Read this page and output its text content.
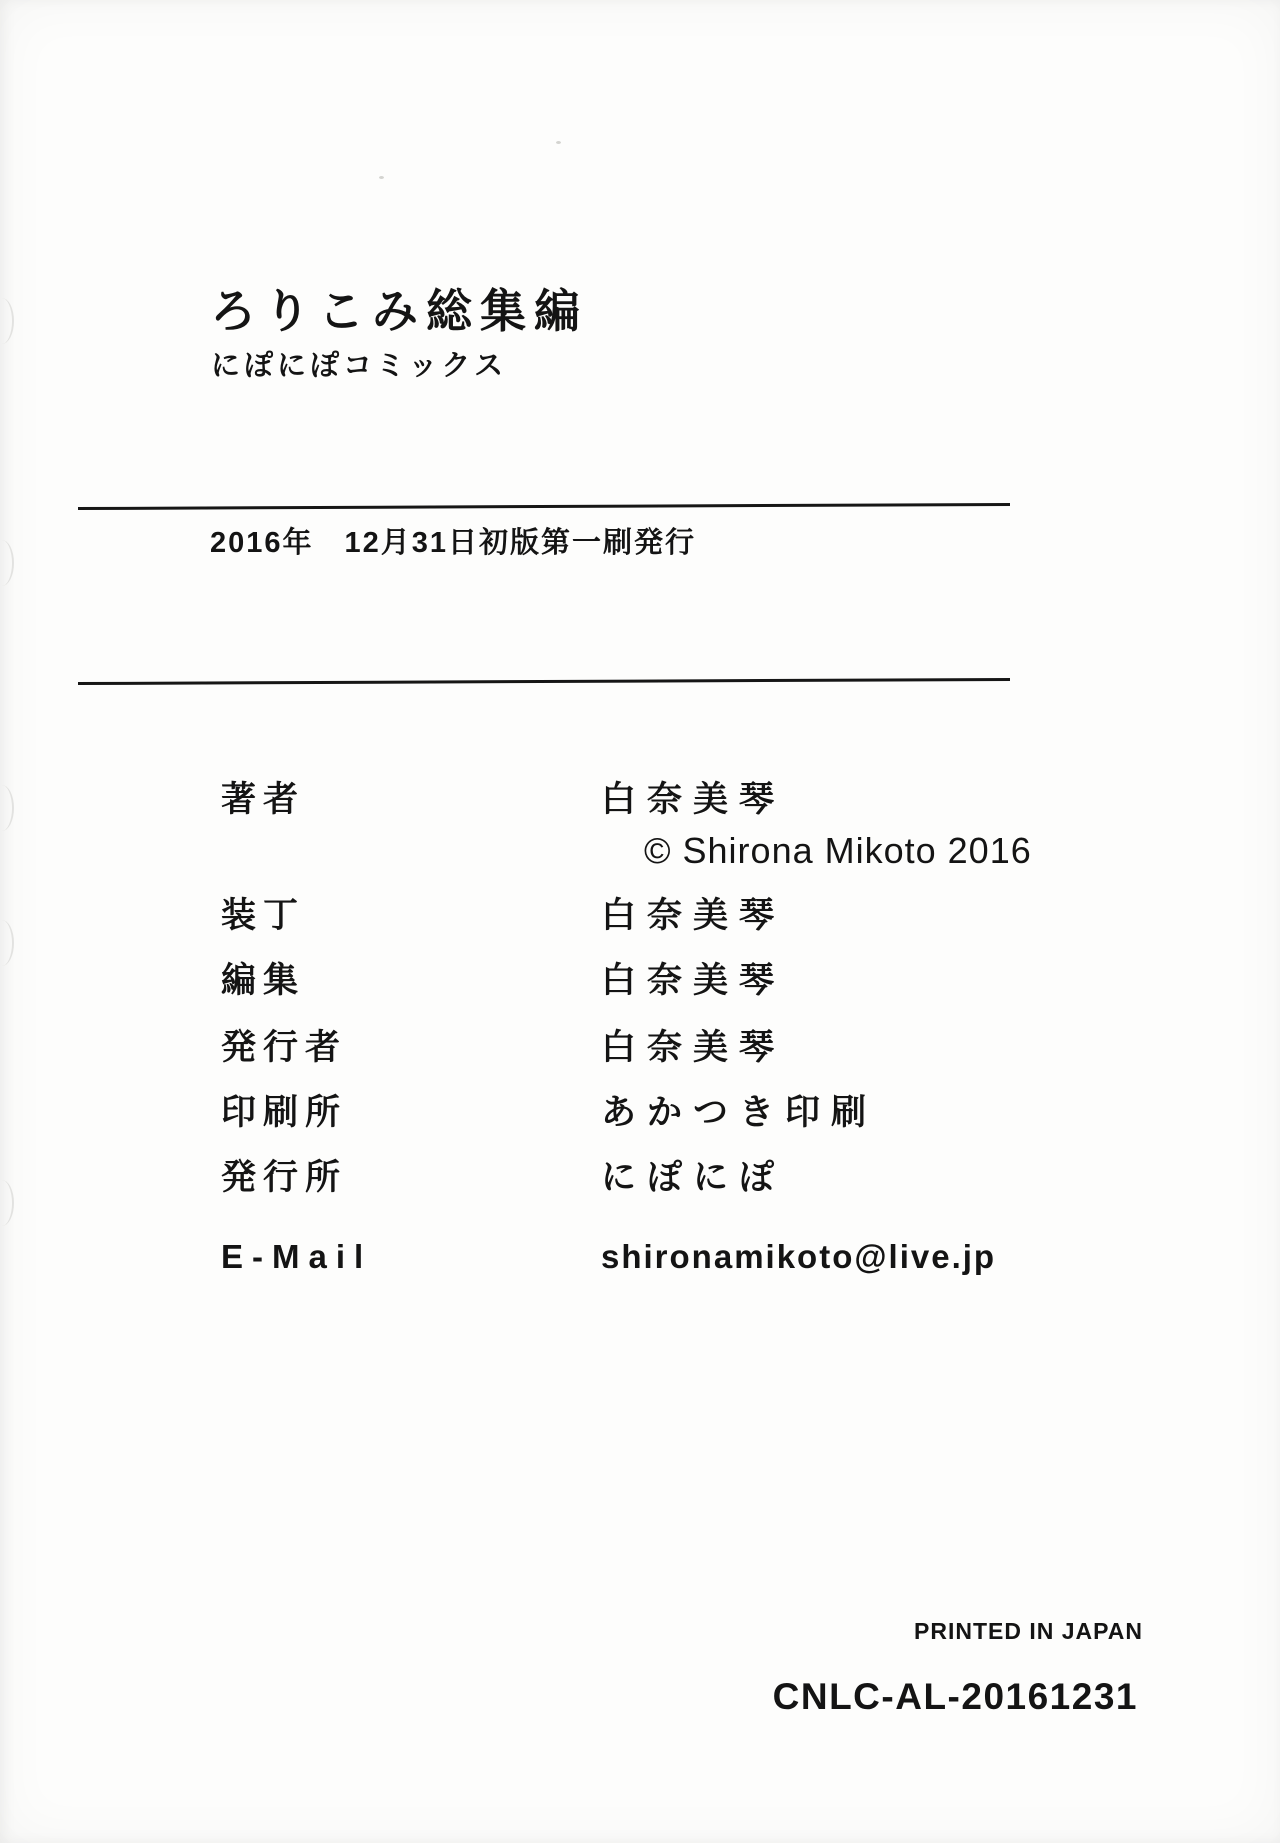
ろりこみ総集編
にぽにぽコミックス
2016年　12月31日初版第一刷発行
著者	白奈美琴
© Shirona Mikoto 2016
装丁	白奈美琴
編集	白奈美琴
発行者	白奈美琴
印刷所	あかつき印刷
発行所	にぽにぽ
E-Mail	shironamikoto@live.jp
PRINTED IN JAPAN
CNLC-AL-20161231
